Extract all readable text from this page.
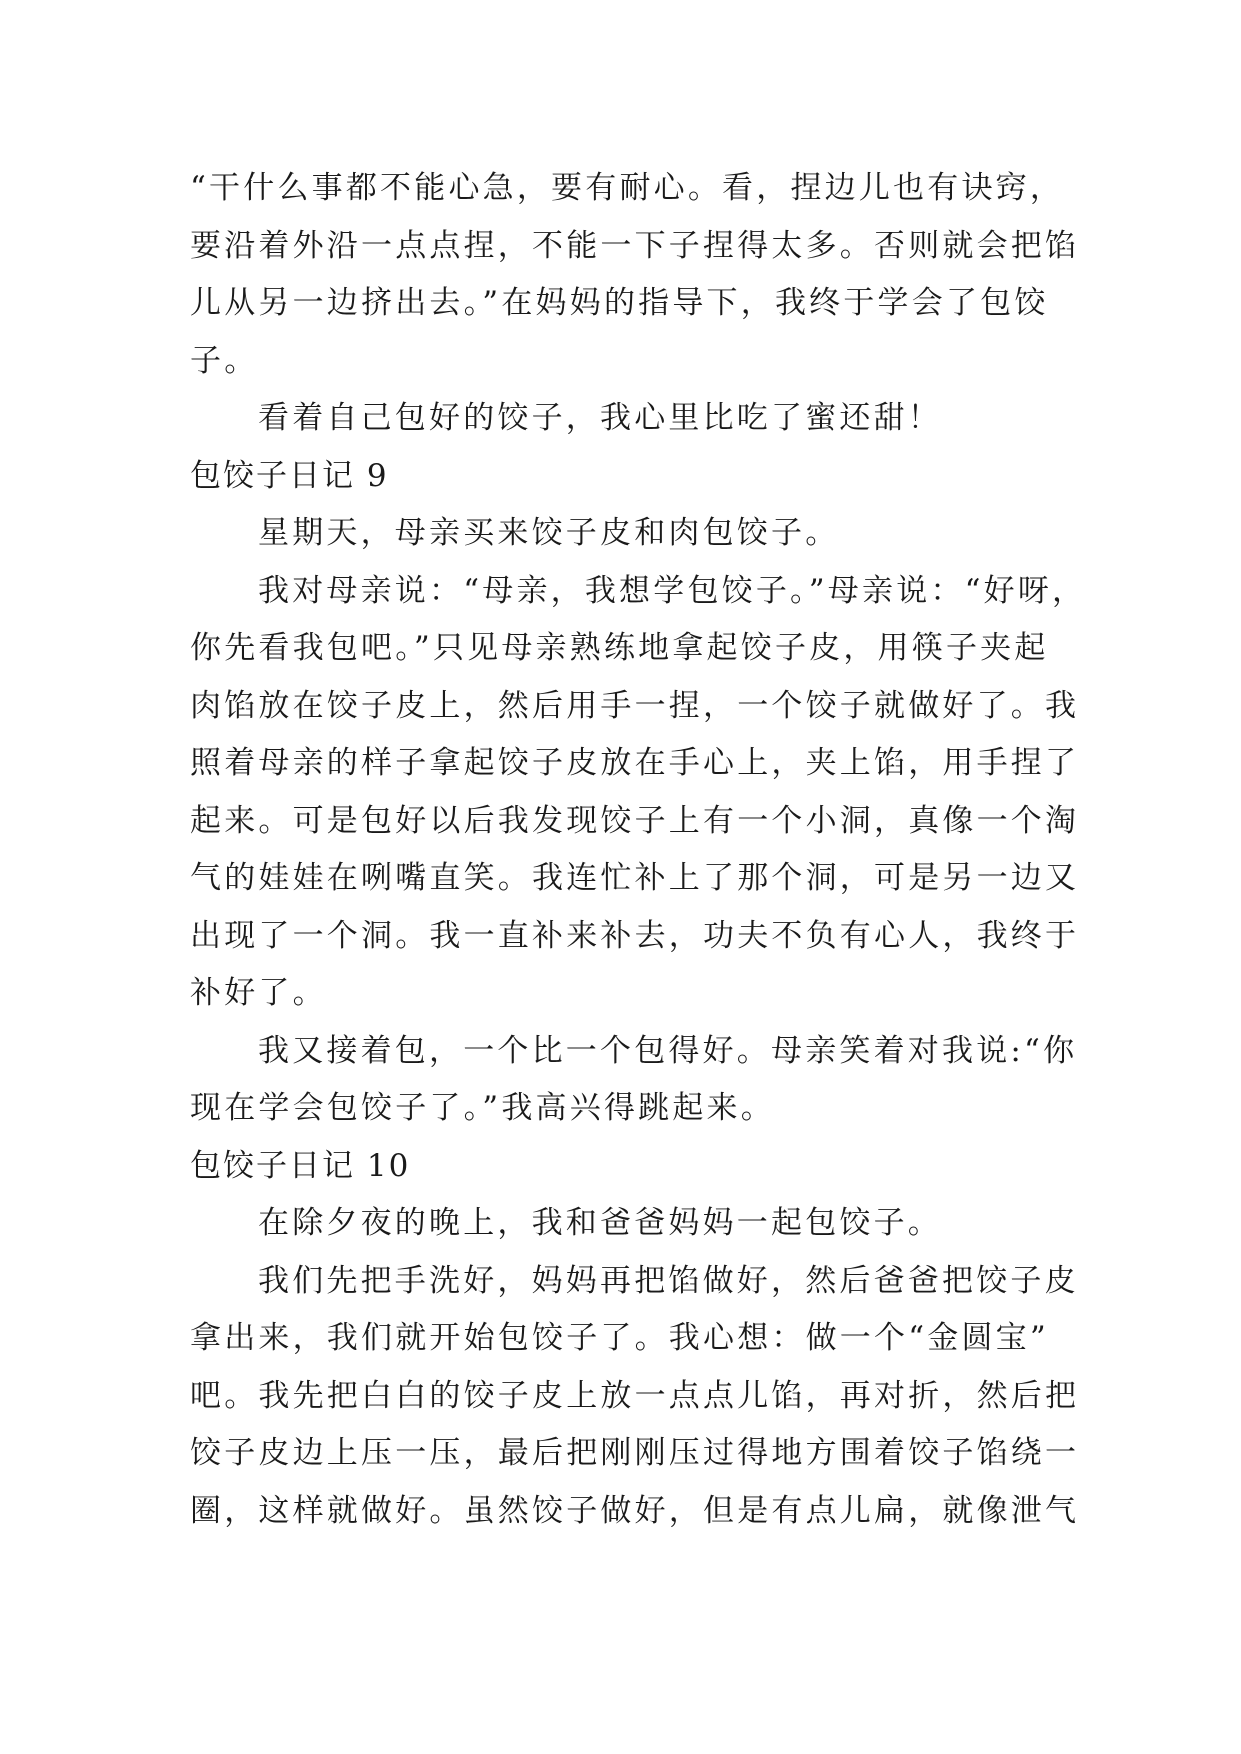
“干什么事都不能心急，要有耐心。看，捏边儿也有诀窍，
要沿着外沿一点点捏，不能一下子捏得太多。否则就会把馅
儿从另一边挤出去。”在妈妈的指导下，我终于学会了包饺
子。
看着自己包好的饺子，我心里比吃了蜜还甜！
包饺子日记 9
星期天，母亲买来饺子皮和肉包饺子。
我对母亲说：“母亲，我想学包饺子。”母亲说：“好呀，
你先看我包吧。”只见母亲熟练地拿起饺子皮，用筷子夹起
肉馅放在饺子皮上，然后用手一捏，一个饺子就做好了。我
照着母亲的样子拿起饺子皮放在手心上，夹上馅，用手捏了
起来。可是包好以后我发现饺子上有一个小洞，真像一个淘
气的娃娃在咧嘴直笑。我连忙补上了那个洞，可是另一边又
出现了一个洞。我一直补来补去，功夫不负有心人，我终于
补好了。
我又接着包，一个比一个包得好。母亲笑着对我说:“你
现在学会包饺子了。”我高兴得跳起来。
包饺子日记 10
在除夕夜的晚上，我和爸爸妈妈一起包饺子。
我们先把手洗好，妈妈再把馅做好，然后爸爸把饺子皮
拿出来，我们就开始包饺子了。我心想：做一个“金圆宝”
吧。我先把白白的饺子皮上放一点点儿馅，再对折，然后把
饺子皮边上压一压，最后把刚刚压过得地方围着饺子馅绕一
圈，这样就做好。虽然饺子做好，但是有点儿扁，就像泄气
